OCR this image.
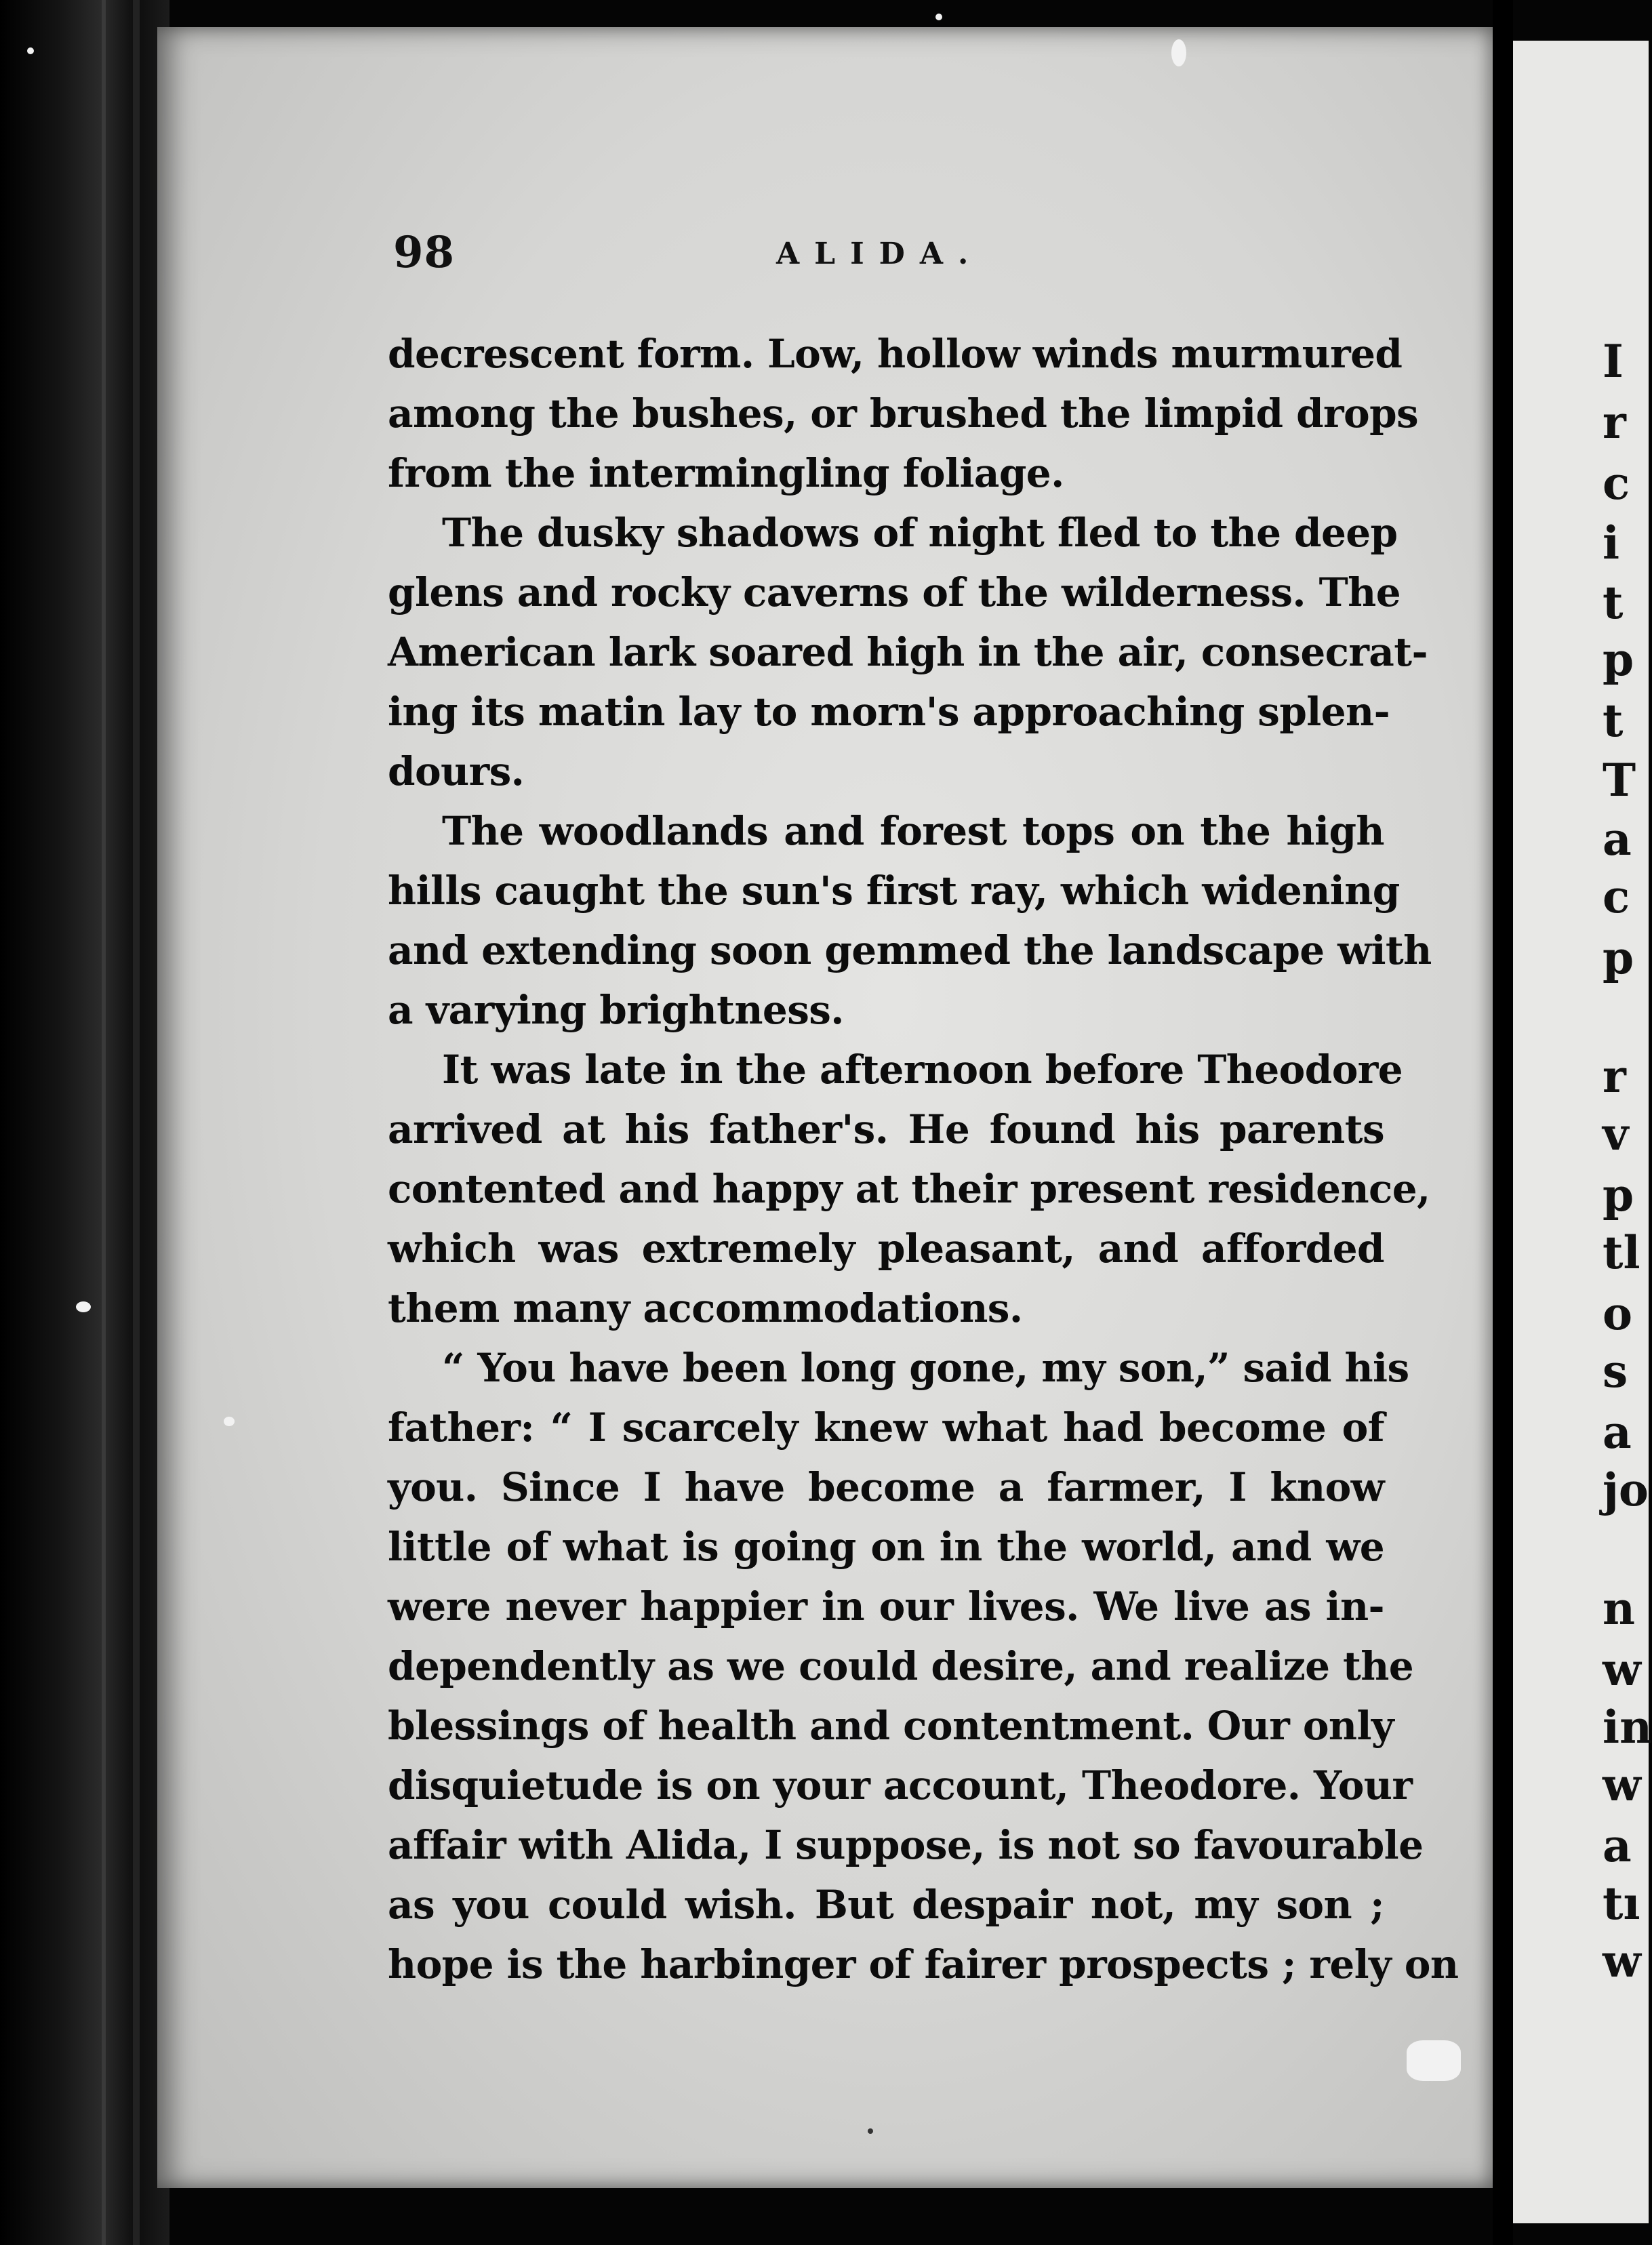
98	ALIDA.
decrescent form. Low, hollow winds murmured
among the bushes, or brushed the limpid drops
from the intermingling foliage.
The dusky shadows of night fled to the deep
glens and rocky caverns of the wilderness. The
American lark soared high in the air, consecrat-
ing its matin lay to morn's approaching splen-
dours.
The woodlands and forest tops on the high
hills caught the sun's first ray, which widening
and extending soon gemmed the landscape with
a varying brightness.
It was late in the afternoon before Theodore
arrived at his father's. He found his parents
contented and happy at their present residence,
which was extremely pleasant, and afforded
them many accommodations.
“ You have been long gone, my son,” said his
father: “ I scarcely knew what had become of
you. Since I have become a farmer, I know
little of what is going on in the world, and we
were never happier in our lives. We live as in-
dependently as we could desire, and realize the
blessings of health and contentment. Our only
disquietude is on your account, Theodore. Your
affair with Alida, I suppose, is not so favourable
as you could wish. But despair not, my son ;
hope is the harbinger of fairer prospects ; rely on
I
r
c
i
t
p
t
T
a
c
p
r
v
p
tl
o
s
a
jo
n
w
in
w
a
tı
w
